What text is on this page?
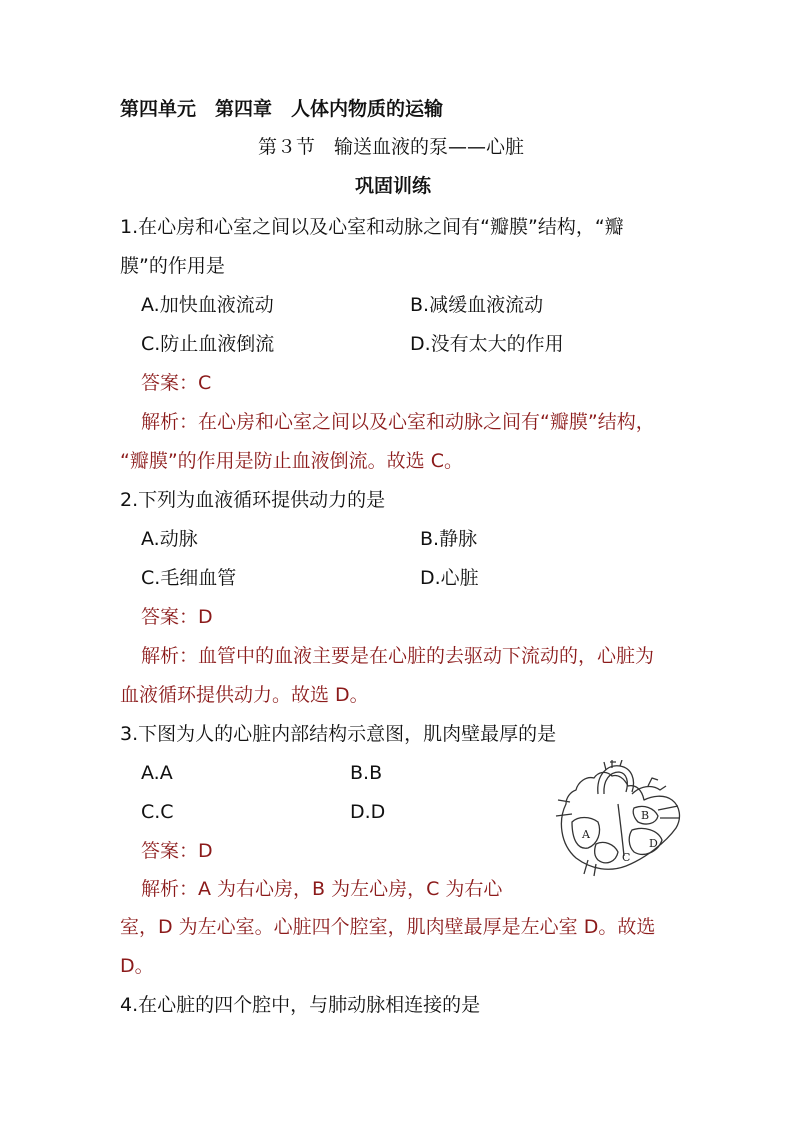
第四单元　第四章　人体内物质的运输
第３节　输送血液的泵——心脏
巩固训练
1.在心房和心室之间以及心室和动脉之间有“瓣膜”结构，“瓣
膜”的作用是
A.加快血液流动	B.减缓血液流动
C.防止血液倒流	D.没有太大的作用
答案：C
解析：在心房和心室之间以及心室和动脉之间有“瓣膜”结构，
“瓣膜”的作用是防止血液倒流。故选 C。
2.下列为血液循环提供动力的是
A.动脉	B.静脉
C.毛细血管	D.心脏
答案：D
解析：血管中的血液主要是在心脏的去驱动下流动的，心脏为
血液循环提供动力。故选 D。
3.下图为人的心脏内部结构示意图，肌肉壁最厚的是
A.A	B.B
C.C	D.D
答案：D
解析：A 为右心房，B 为左心房，C 为右心
室，D 为左心室。心脏四个腔室，肌肉壁最厚是左心室 D。故选
D。
A
B
C
D
4.在心脏的四个腔中，与肺动脉相连接的是
